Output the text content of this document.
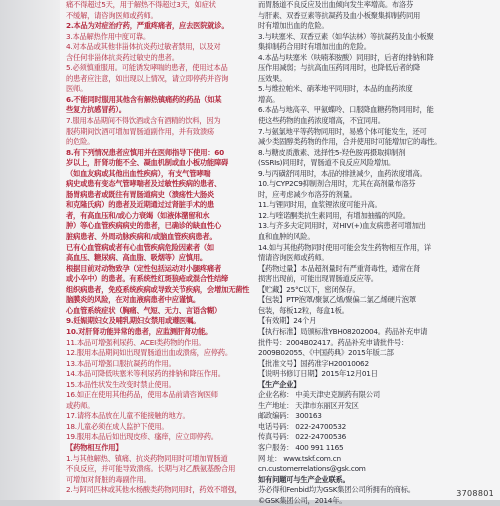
痛不得超过5天，用于解热不得超过3天，如症状
不缓解，请咨询医师或药师。
2.本品为对症治疗药，严重疼痛者，应去医院就诊。
3.本品解热作用中度可靠。
4.对本品或其他非甾体抗炎药过敏者禁用，以及对
含任何非甾体抗炎药过敏史的患者。
5.必须慎重服用。可能诱发哮喘的患者，使用过本品
的患者应注意，如出现以上情况，请立即停药并咨询
医师。
6.不能同时服用其他含有解热镇痛药的药品（如某
些复方抗感冒药）。
7.服用本品期间不得饮酒或含有酒精的饮料，因为
服药期间饮酒可增加胃肠道副作用，并有致溃疡
的危险。
8.有下列情况患者应慎用并在医师指导下使用：60
岁以上，肝肾功能不全、凝血机制或血小板功能障碍
（如血友病或其他出血性疾病），有支气管哮喘
病史或患有变态气管哮喘者及过敏性疾病的患者、
肠胃病患者或既往有胃肠道病史（溃疡性大肠炎
和克隆氏病）的患者及近期通过过肾脏手术的患
者，有高血压和/或心力衰竭（如液体潴留和水
肿）等心血管疾病病史的患者，已确诊的缺血性心
脏病患者、外周动脉疾病和/或脑血管疾病患者。
已有心血管病或者有心血管疾病危险因素者（如
高血压、糖尿病、高血脂、吸烟等）应慎用。
根据目前对动物致孕（定性包括运动对小腿疼痛者
或小卒中）的患者。有系统性红斑狼疮或混合性结缔
组织病患者，免疫系统疾病或导致关节疾病，会增加无菌性
脑膜炎的风险，在对血液病患者中应谨慎。
心血管系统症状（胸痛、气短、无力、言语含糊）
9.妊娠期妇女及哺乳期妇女禁用或遵医嘱。
10.对肝肾功能异常的患者，应监测肝肾功能。
11.本品可增强利尿药、ACEI类药物的作用。
12.服用本品期间如出现胃肠道出血或溃疡，应停药。
13.本品可增强口服抗凝药的作用。
14.本品可降低呋塞米等利尿药的排钠和降压作用。
15.本品性状发生改变时禁止使用。
16.如正在使用其他药品，使用本品前请咨询医师
或药师。
17.请将本品放在儿童不能接触的地方。
18.儿童必须在成人监护下使用。
19.服用本品后如出现皮疹、瘙痒，应立即停药。
【药物相互作用】
1.与其他解热、镇痛、抗炎药物同用时可增加胃肠道
不良反应，并可能导致溃疡。长期与对乙酰氨基酚合用
可增加对肾脏的毒副作用。
2.与阿司匹林或其他水杨酸类药物同用时，药效不增强，
而胃肠道不良反应及出血倾向发生率增高。布洛芬
与肝素、双香豆素等抗凝药及血小板聚集抑制药同用
时有增加出血的危险。
3.与呋塞米、双香豆素（如华法林）等抗凝药及血小板聚
集抑制药合用时有增加出血的危险。
4.本品与呋塞米（呋喃苯胺酸）同用时，后者的排钠和降
压作用减弱；与抗高血压药同用时，也降低后者的降
压效果。
5.与维拉帕米、硝苯地平同用时，本品的血药浓度
增高。
6.本品与地高辛、甲氨蝶呤、口服降血糖药物同用时，能
使这些药物的血药浓度增高，不宜同用。
7.与氨氯地平等药物同用时，易感个体可能发生，还可
减少类固醇类药物的作用，合并使用时可能增加它的毒性。
8.与糖皮质激素、选择性5-羟色胺再摄取抑制剂
(SSRIs)同用时，胃肠道不良反应风险增加。
9.与丙磺舒同用时，本品的排泄减少，血药浓度增高。
10.与CYP2C9抑制剂合用时，尤其在高剂量布洛芬
时，应考虑减少布洛芬的剂量。
11.与锂同时用，血浆锂浓度可能升高。
12.与喹诺酮类抗生素同用，有增加抽搐的风险。
13.与齐多夫定同用时，对HIV(+)血友病患者可增加出
血和血肿的风险。
14.如与其他药物同时使用可能会发生药物相互作用，详
情请咨询医师或药师。
【药物过量】本品超剂量时有严重肾毒性，通常在肾
损害出现前，可能出现胃肠道反应等。
【贮藏】25°C以下，密闭保存。
【包装】PTP泡罩/聚氯乙烯/聚偏二氯乙烯硬片泡罩
包装，每板12粒，每盒1板。
【有效期】24个月
【执行标准】局颁标准YBH08202004。药品补充申请
批件号：2004B02417。药品补充申请批件号：
2009B02055、《中国药典》2015年版二部
【批准文号】国药准字H20010062
【说明书修订日期】2015年12月01日
【生产企业】
企业名称： 中美天津史克制药有限公司
生产地址： 天津市东丽区开发区
邮政编码： 300163
电话号码： 022-24700532
传真号码： 022-24700536
客户服务： 400 991 1165
网 址： www.tskf.com.cn
cn.customerrelations@gsk.com
如有问题可与生产企业联系。
芬必得和Fenbid均为GSK集团公司所拥有的商标。
©GSK集团公司，2014年。
3708801
